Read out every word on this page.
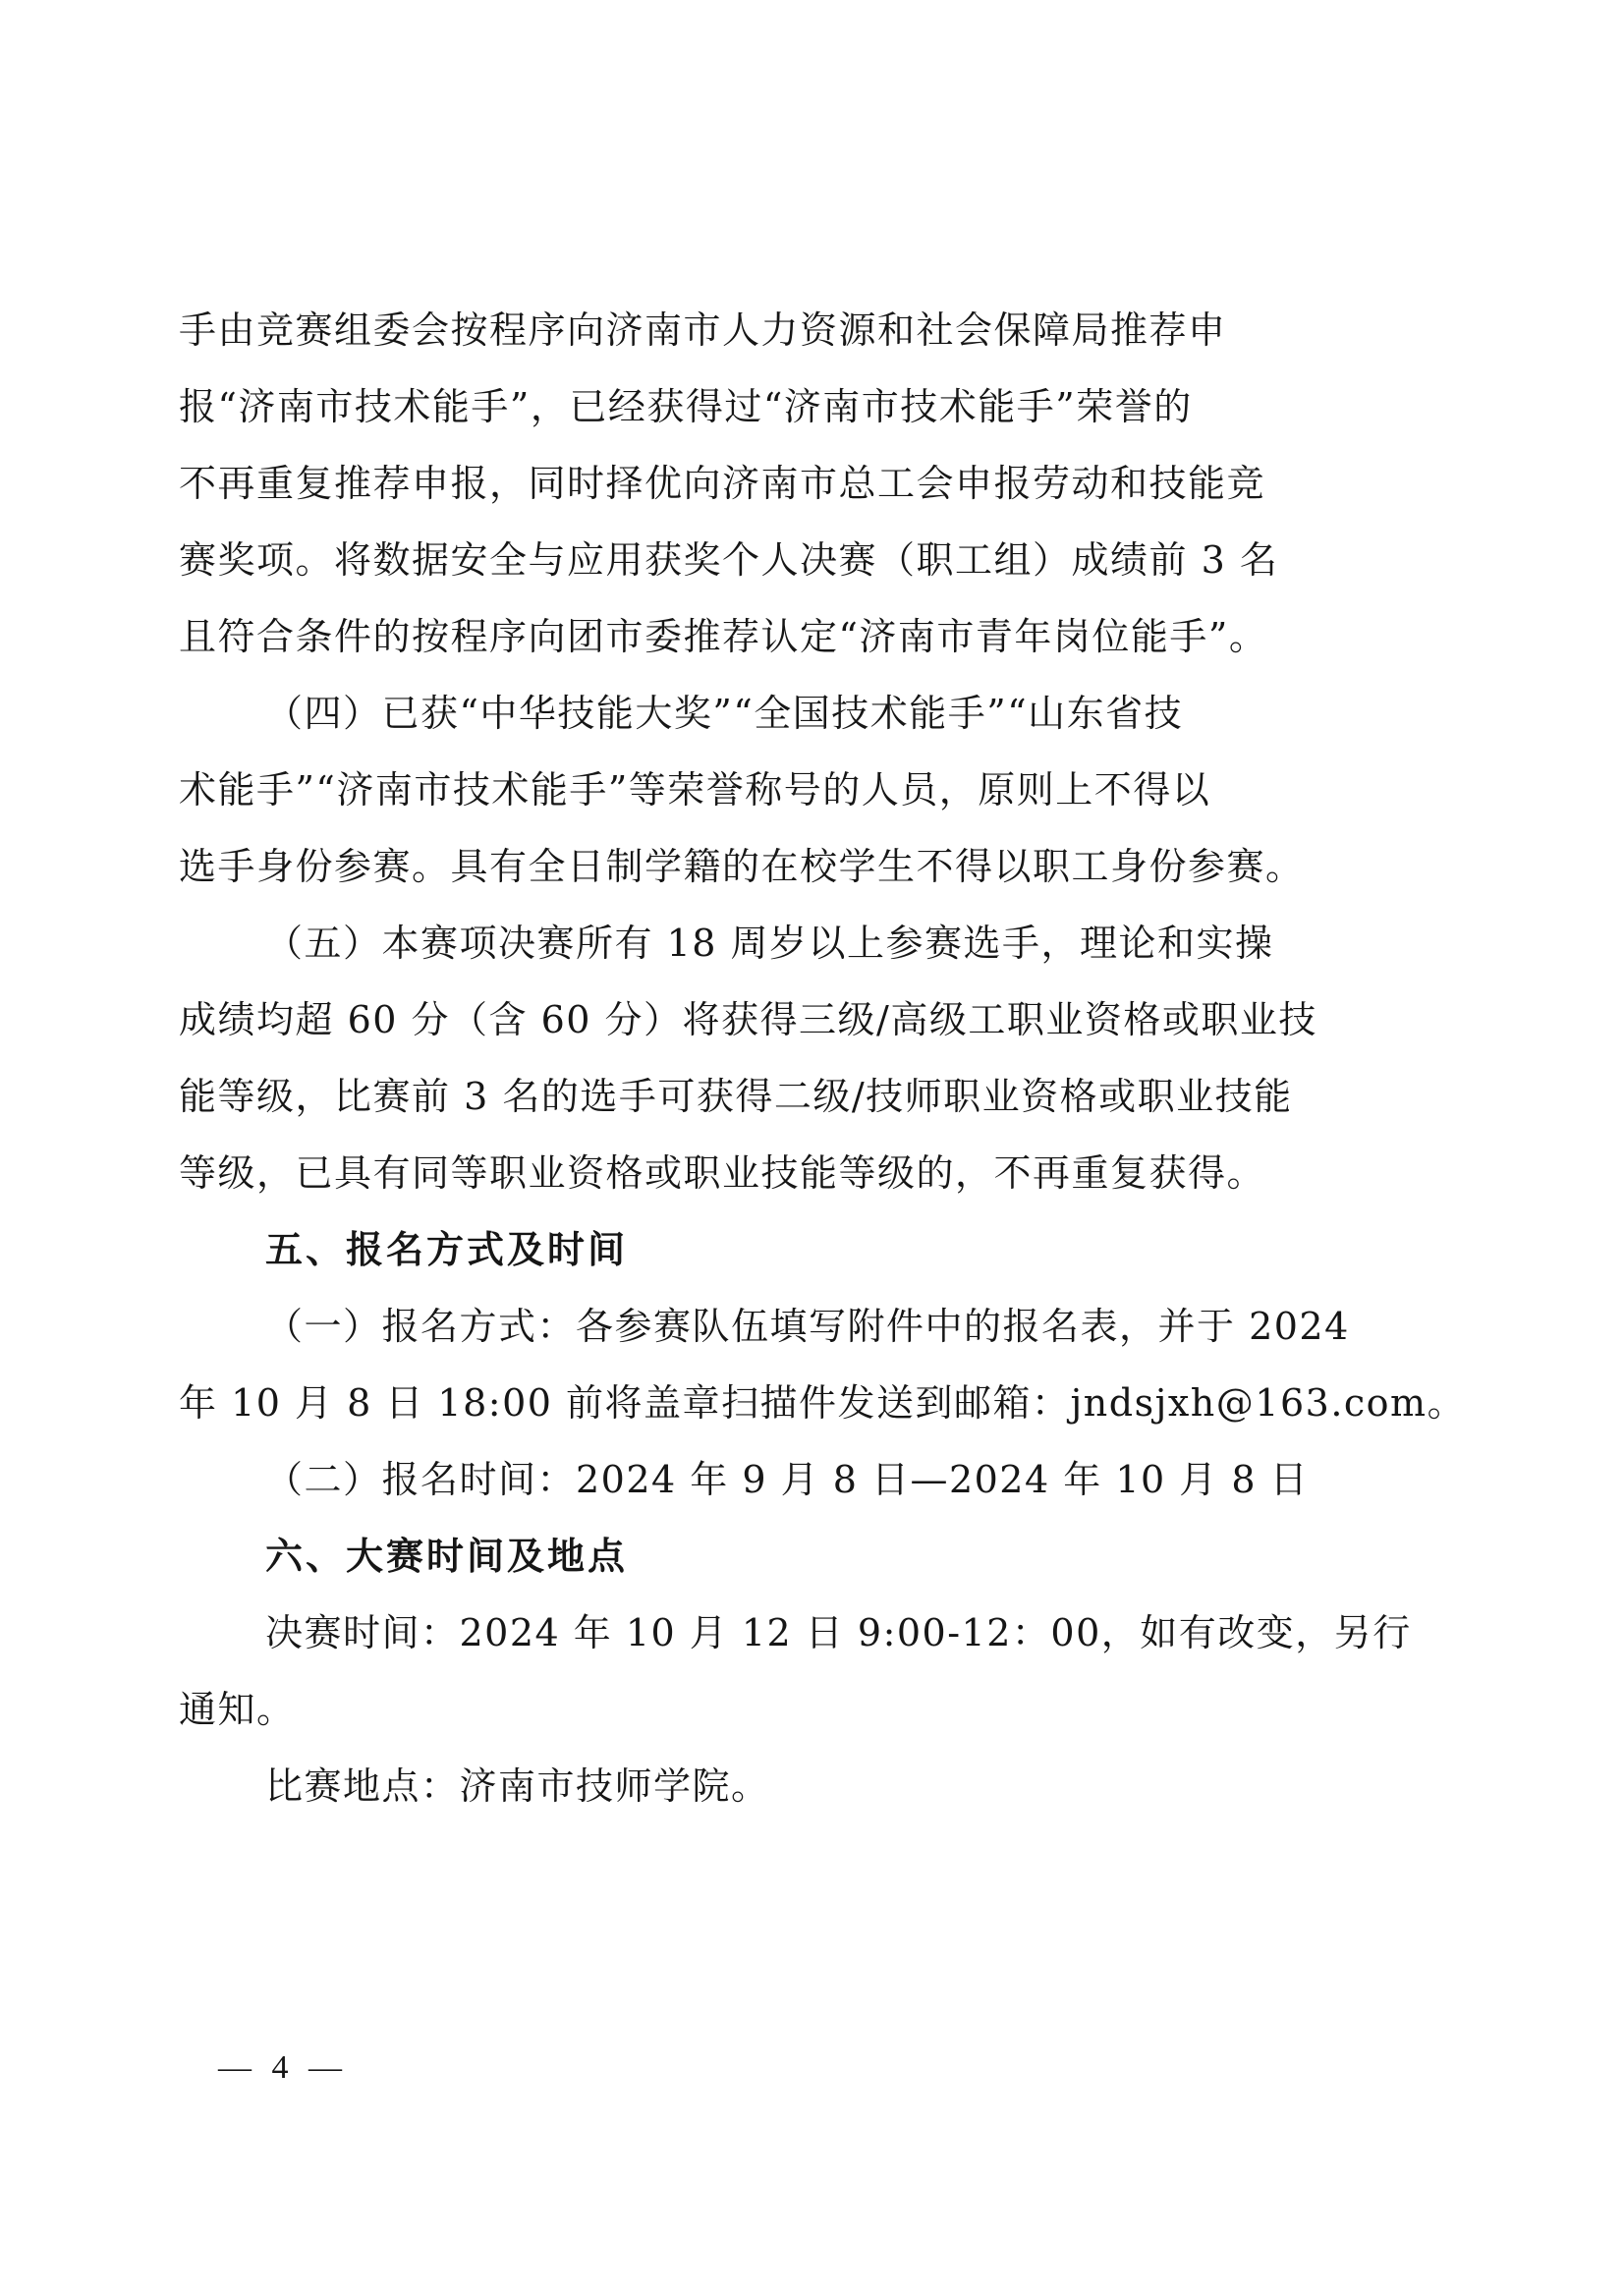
手由竞赛组委会按程序向济南市人力资源和社会保障局推荐申
报“济南市技术能手”，已经获得过“济南市技术能手”荣誉的
不再重复推荐申报，同时择优向济南市总工会申报劳动和技能竞
赛奖项。将数据安全与应用获奖个人决赛（职工组）成绩前 3 名
且符合条件的按程序向团市委推荐认定“济南市青年岗位能手”。
（四）已获“中华技能大奖”“全国技术能手”“山东省技
术能手”“济南市技术能手”等荣誉称号的人员，原则上不得以
选手身份参赛。具有全日制学籍的在校学生不得以职工身份参赛。
（五）本赛项决赛所有 18 周岁以上参赛选手，理论和实操
成绩均超 60 分（含 60 分）将获得三级/高级工职业资格或职业技
能等级，比赛前 3 名的选手可获得二级/技师职业资格或职业技能
等级，已具有同等职业资格或职业技能等级的，不再重复获得。
五、报名方式及时间
（一）报名方式：各参赛队伍填写附件中的报名表，并于 2024
年 10 月 8 日 18:00 前将盖章扫描件发送到邮箱：jndsjxh@163.com。
（二）报名时间：2024 年 9 月 8 日—2024 年 10 月 8 日
六、大赛时间及地点
决赛时间：2024 年 10 月 12 日 9:00-12：00，如有改变，另行
通知。
比赛地点：济南市技师学院。
— 4 —
